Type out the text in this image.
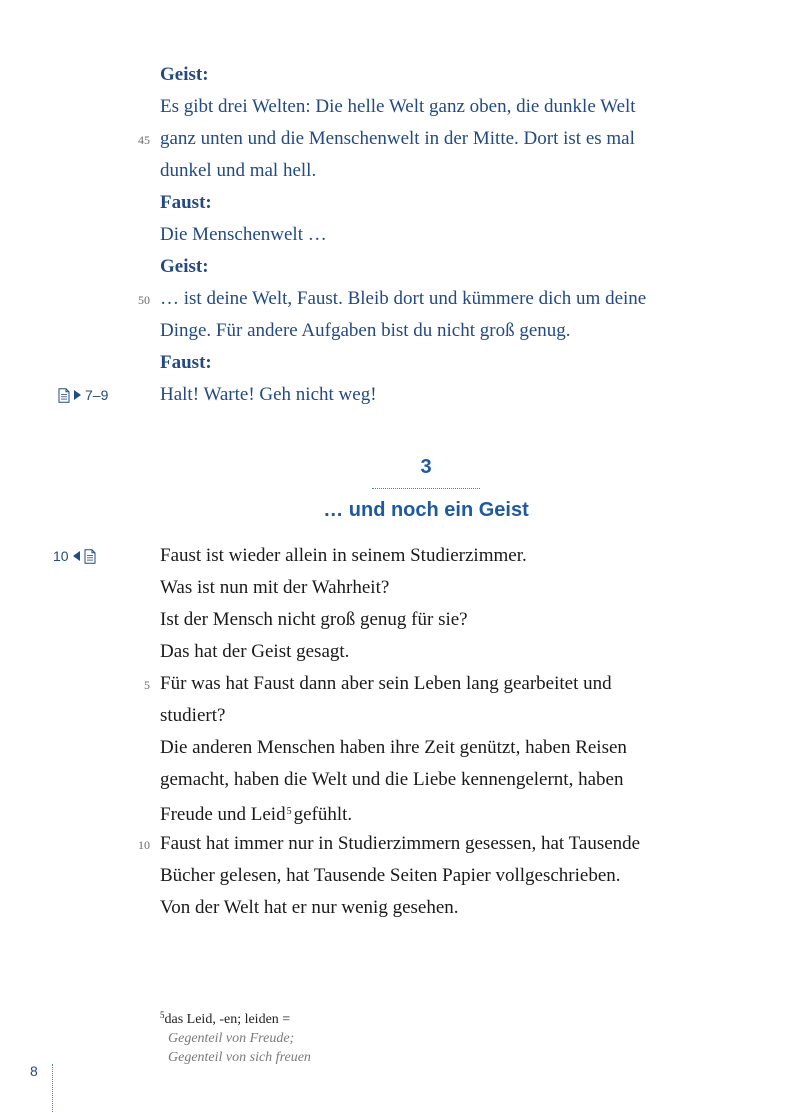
Geist:
Es gibt drei Welten: Die helle Welt ganz oben, die dunkle Welt
45 ganz unten und die Menschenwelt in der Mitte. Dort ist es mal
dunkel und mal hell.
Faust:
Die Menschenwelt …
Geist:
50 … ist deine Welt, Faust. Bleib dort und kümmere dich um deine
Dinge. Für andere Aufgaben bist du nicht groß genug.
Faust:
7–9	Halt! Warte! Geh nicht weg!
3
… und noch ein Geist
10	Faust ist wieder allein in seinem Studierzimmer.
Was ist nun mit der Wahrheit?
Ist der Mensch nicht groß genug für sie?
Das hat der Geist gesagt.
5 Für was hat Faust dann aber sein Leben lang gearbeitet und
studiert?
Die anderen Menschen haben ihre Zeit genützt, haben Reisen
gemacht, haben die Welt und die Liebe kennengelernt, haben
Freude und Leid$^5$ gefühlt.
10 Faust hat immer nur in Studierzimmern gesessen, hat Tausende
Bücher gelesen, hat Tausende Seiten Papier vollgeschrieben.
Von der Welt hat er nur wenig gesehen.
$^5$das Leid, -en; leiden =
Gegenteil von Freude;
Gegenteil von sich freuen
8
